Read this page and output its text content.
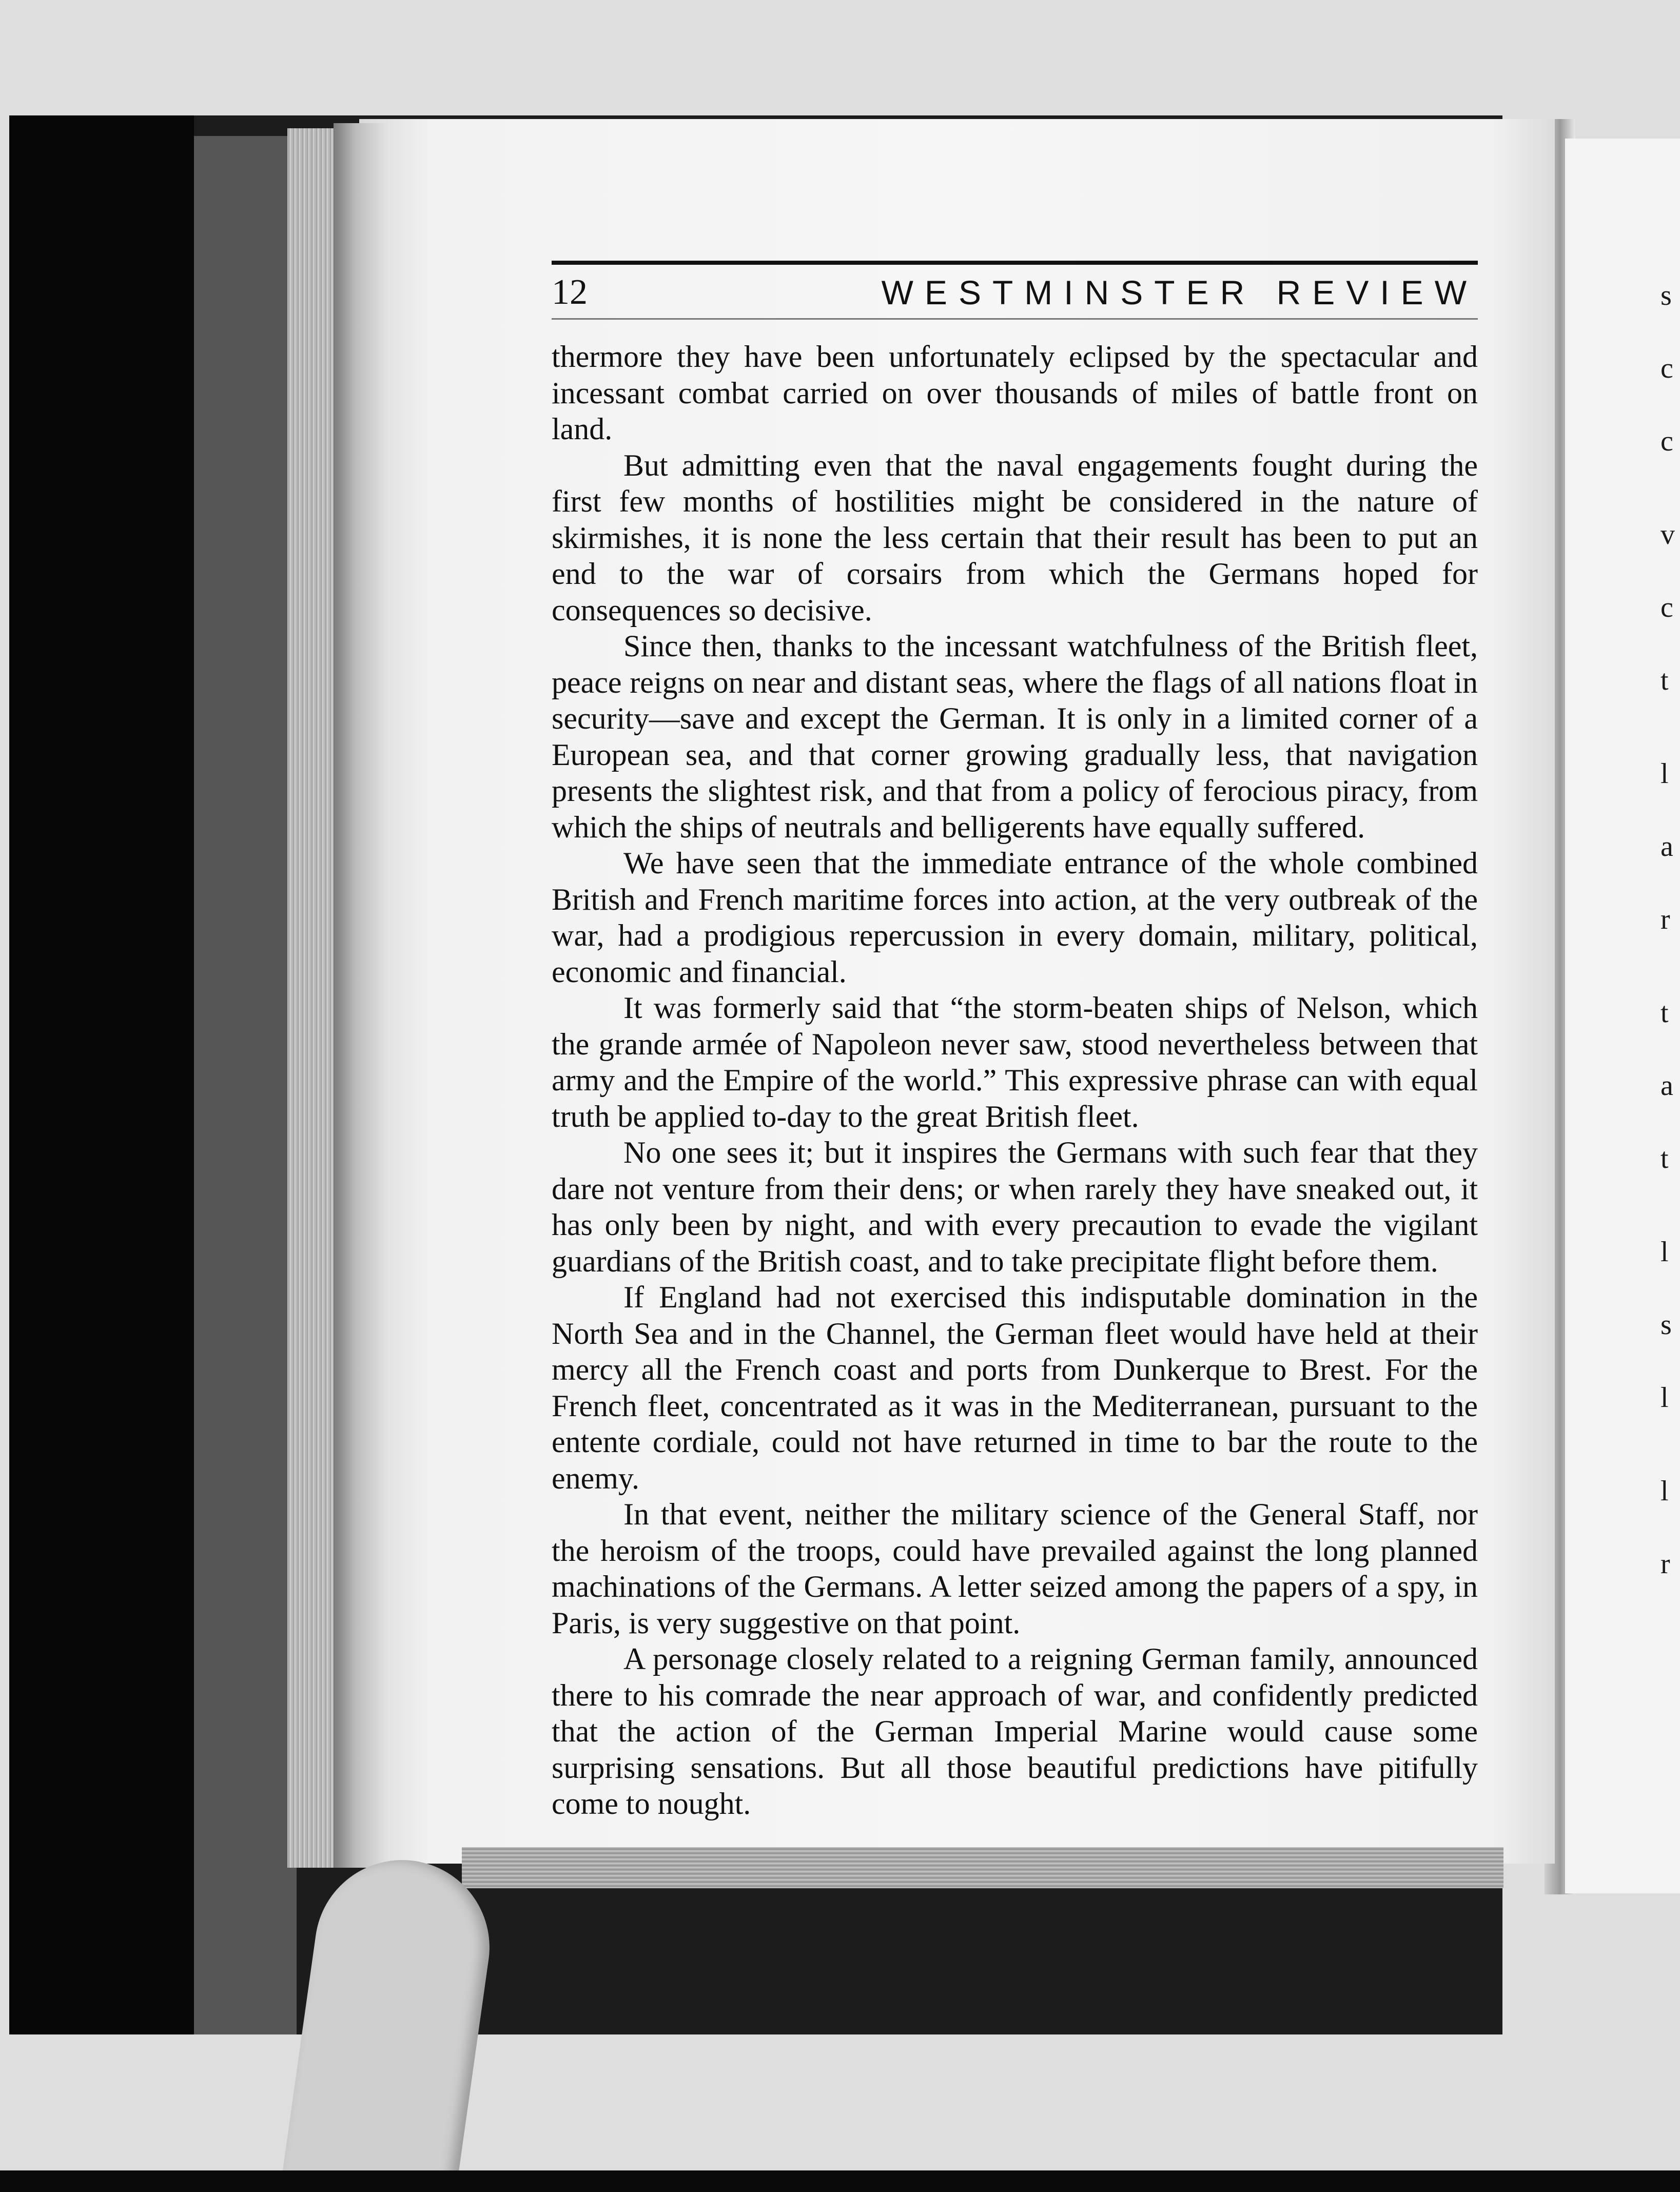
s
c
c
v
c
t
l
a
r
t
a
t
l
s
l
l
r
12	WESTMINSTER REVIEW

thermore they have been unfortunately eclipsed by the spectacular and incessant combat carried on over thousands of miles of battle front on land.

But admitting even that the naval engagements fought during the first few months of hostilities might be considered in the nature of skirmishes, it is none the less certain that their result has been to put an end to the war of corsairs from which the Germans hoped for consequences so decisive.

Since then, thanks to the incessant watchfulness of the British fleet, peace reigns on near and distant seas, where the flags of all nations float in security—save and except the German. It is only in a limited corner of a European sea, and that corner growing gradually less, that navigation presents the slightest risk, and that from a policy of ferocious piracy, from which the ships of neutrals and belligerents have equally suffered.

We have seen that the immediate entrance of the whole combined British and French maritime forces into action, at the very outbreak of the war, had a prodigious repercussion in every domain, military, political, economic and financial.

It was formerly said that “the storm-beaten ships of Nelson, which the grande armée of Napoleon never saw, stood nevertheless between that army and the Empire of the world.” This expressive phrase can with equal truth be applied to-day to the great British fleet.

No one sees it; but it inspires the Germans with such fear that they dare not venture from their dens; or when rarely they have sneaked out, it has only been by night, and with every precaution to evade the vigilant guardians of the British coast, and to take precipitate flight before them.

If England had not exercised this indisputable domination in the North Sea and in the Channel, the German fleet would have held at their mercy all the French coast and ports from Dunkerque to Brest. For the French fleet, concentrated as it was in the Mediterranean, pursuant to the entente cordiale, could not have returned in time to bar the route to the enemy.

In that event, neither the military science of the General Staff, nor the heroism of the troops, could have prevailed against the long planned machinations of the Germans. A letter seized among the papers of a spy, in Paris, is very suggestive on that point.

A personage closely related to a reigning German family, announced there to his comrade the near approach of war, and confidently predicted that the action of the German Imperial Marine would cause some surprising sensations. But all those beautiful predictions have pitifully come to nought.
